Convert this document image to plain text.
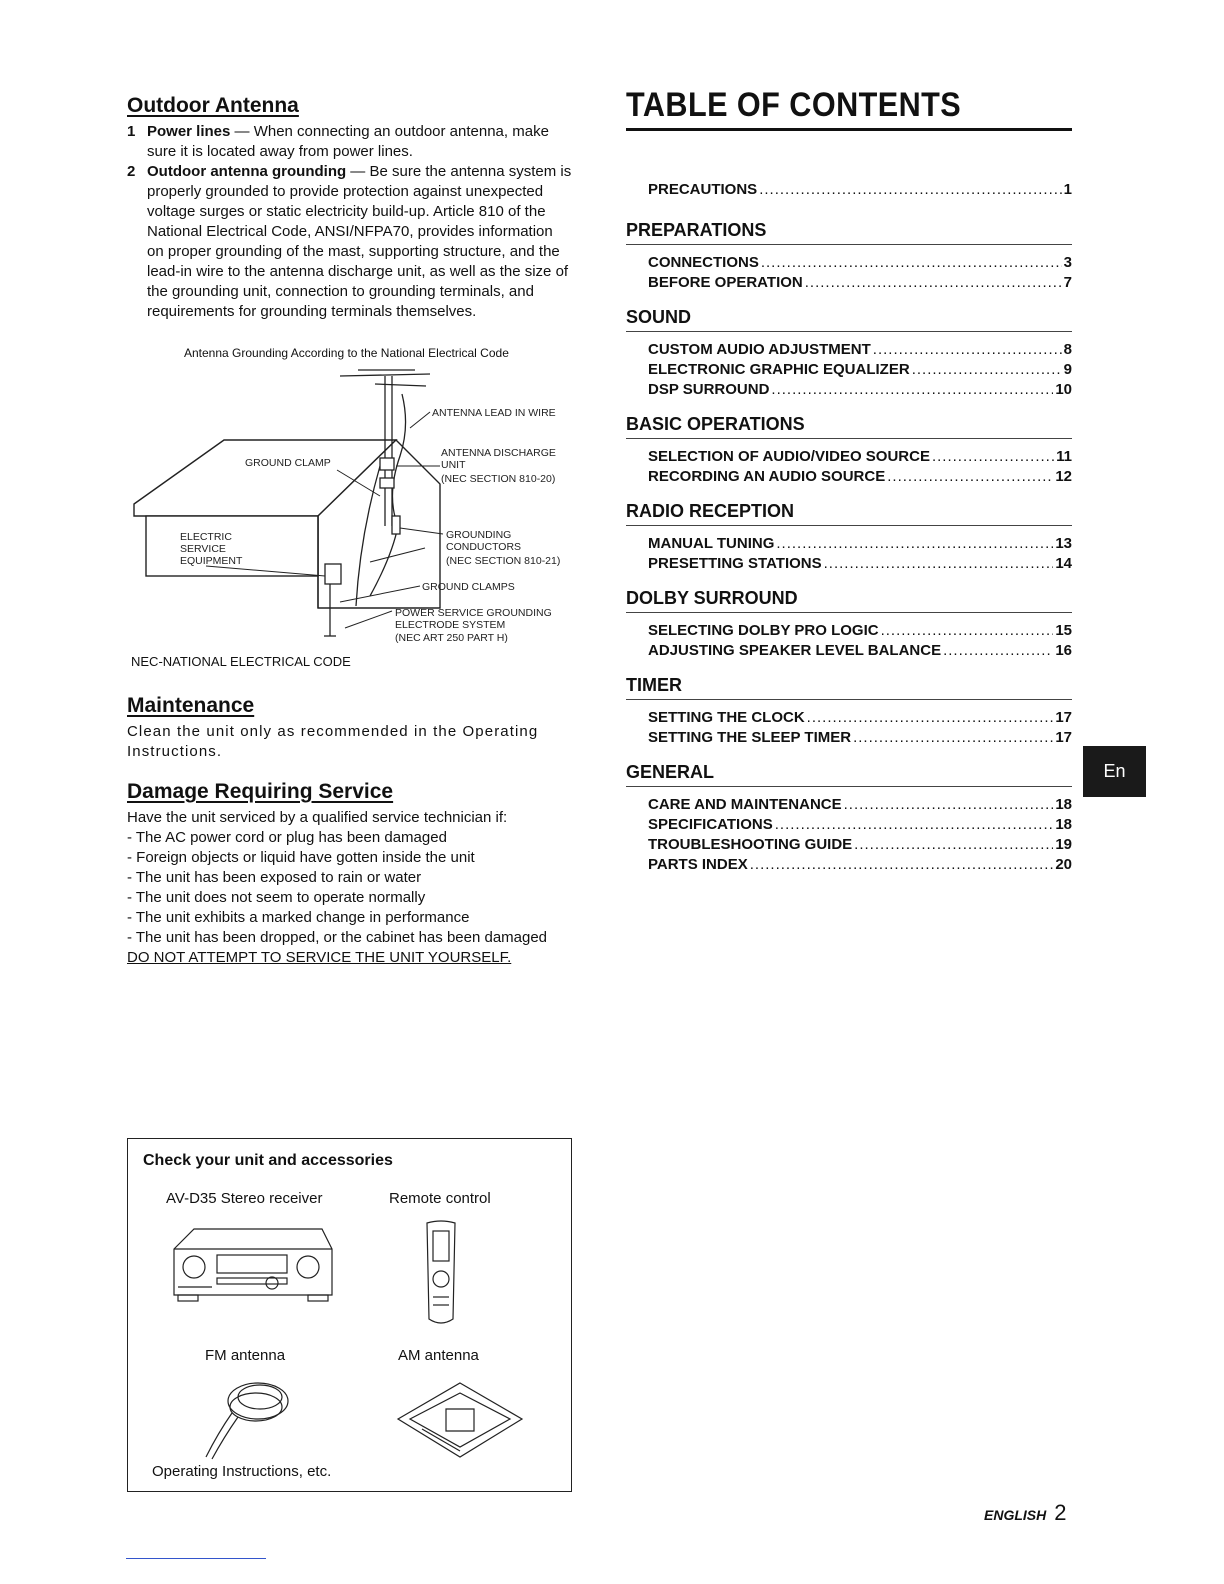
Outdoor Antenna
1 Power lines — When connecting an outdoor antenna, make sure it is located away from power lines.
2 Outdoor antenna grounding — Be sure the antenna system is properly grounded to provide protection against unexpected voltage surges or static electricity build-up. Article 810 of the National Electrical Code, ANSI/NFPA70, provides information on proper grounding of the mast, supporting structure, and the lead-in wire to the antenna discharge unit, as well as the size of the grounding unit, connection to grounding terminals, and requirements for grounding terminals themselves.
Antenna Grounding According to the National Electrical Code
ANTENNA LEAD IN WIRE
ANTENNA DISCHARGE
UNIT
(NEC SECTION 810-20)
GROUND CLAMP
ELECTRIC
SERVICE
EQUIPMENT
GROUNDING
CONDUCTORS
(NEC SECTION 810-21)
GROUND CLAMPS
POWER SERVICE GROUNDING
ELECTRODE SYSTEM
(NEC ART 250 PART H)
NEC-NATIONAL ELECTRICAL CODE
Maintenance
Clean the unit only as recommended in the Operating Instructions.
Damage Requiring Service
Have the unit serviced by a qualified service technician if:
- The AC power cord or plug has been damaged
- Foreign objects or liquid have gotten inside the unit
- The unit has been exposed to rain or water
- The unit does not seem to operate normally
- The unit exhibits a marked change in performance
- The unit has been dropped, or the cabinet has been damaged
DO NOT ATTEMPT TO SERVICE THE UNIT YOURSELF.
Check your unit and accessories
AV-D35 Stereo receiver	Remote control
FM antenna	AM antenna
Operating Instructions, etc.
TABLE OF CONTENTS
PRECAUTIONS .....	1
PREPARATIONS
CONNECTIONS .....	3
BEFORE OPERATION .....	7
SOUND
CUSTOM AUDIO ADJUSTMENT .....	8
ELECTRONIC GRAPHIC EQUALIZER .....	9
DSP SURROUND .....	10
BASIC OPERATIONS
SELECTION OF AUDIO/VIDEO SOURCE .....	11
RECORDING AN AUDIO SOURCE .....	12
RADIO RECEPTION
MANUAL TUNING .....	13
PRESETTING STATIONS .....	14
DOLBY SURROUND
SELECTING DOLBY PRO LOGIC .....	15
ADJUSTING SPEAKER LEVEL BALANCE .....	16
TIMER
SETTING THE CLOCK .....	17
SETTING THE SLEEP TIMER .....	17
GENERAL
CARE AND MAINTENANCE .....	18
SPECIFICATIONS .....	18
TROUBLESHOOTING GUIDE .....	19
PARTS INDEX .....	20
En
ENGLISH 2
